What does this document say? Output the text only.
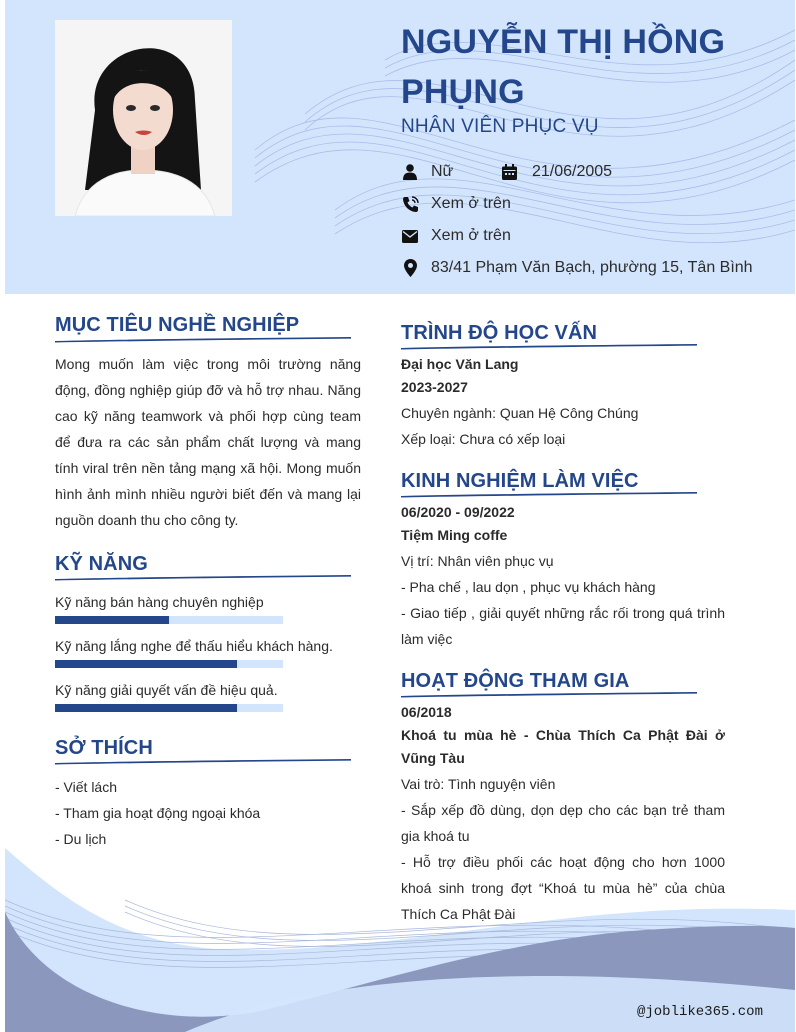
NGUYỄN THỊ HỒNG PHỤNG
NHÂN VIÊN PHỤC VỤ
Nữ	21/06/2005
Xem ở trên
Xem ở trên
83/41 Phạm Văn Bạch, phường 15, Tân Bình
@joblike365.com
MỤC TIÊU NGHỀ NGHIỆP
Mong muốn làm việc trong môi trường năng động, đồng nghiệp giúp đỡ và hỗ trợ nhau. Năng cao kỹ năng teamwork và phối hợp cùng team để đưa ra các sản phẩm chất lượng và mang tính viral trên nền tảng mạng xã hội. Mong muốn hình ảnh mình nhiều người biết đến và mang lại nguồn doanh thu cho công ty.
KỸ NĂNG
Kỹ năng bán hàng chuyên nghiệp
Kỹ năng lắng nghe để thấu hiểu khách hàng.
Kỹ năng giải quyết vấn đề hiệu quả.
SỞ THÍCH
- Viết lách
- Tham gia hoạt động ngoại khóa
- Du lịch
TRÌNH ĐỘ HỌC VẤN
Đại học Văn Lang
2023-2027
Chuyên ngành: Quan Hệ Công Chúng
Xếp loại: Chưa có xếp loại
KINH NGHIỆM LÀM VIỆC
06/2020 - 09/2022
Tiệm Ming coffe
Vị trí: Nhân viên phục vụ
- Pha chế , lau dọn , phục vụ khách hàng
- Giao tiếp , giải quyết những rắc rối trong quá trình làm việc
HOẠT ĐỘNG THAM GIA
06/2018
Khoá tu mùa hè - Chùa Thích Ca Phật Đài ở Vũng Tàu
Vai trò: Tình nguyện viên
- Sắp xếp đồ dùng, dọn dẹp cho các bạn trẻ tham gia khoá tu
- Hỗ trợ điều phối các hoạt động cho hơn 1000 khoá sinh trong đợt “Khoá tu mùa hè” của chùa Thích Ca Phật Đài
